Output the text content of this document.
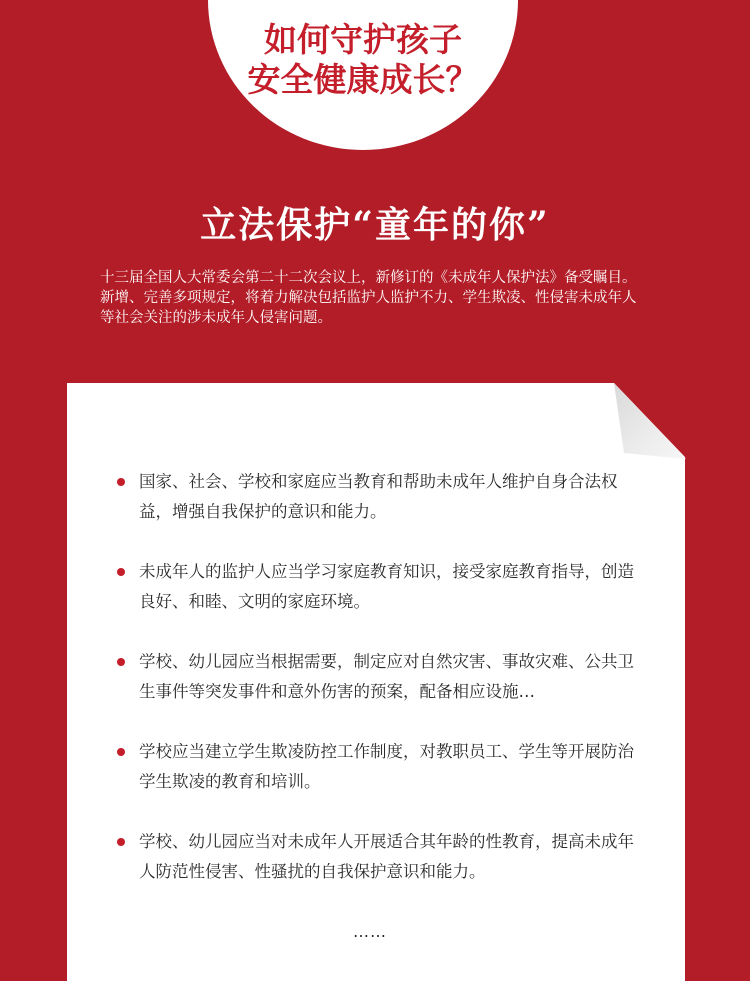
如何守护孩子
安全健康成长？
立法保护“童年的你”
十三届全国人大常委会第二十二次会议上，新修订的《未成年人保护法》备受瞩目。新增、完善多项规定，将着力解决包括监护人监护不力、学生欺凌、性侵害未成年人等社会关注的涉未成年人侵害问题。
国家、社会、学校和家庭应当教育和帮助未成年人维护自身合法权益，增强自我保护的意识和能力。
未成年人的监护人应当学习家庭教育知识，接受家庭教育指导，创造良好、和睦、文明的家庭环境。
学校、幼儿园应当根据需要，制定应对自然灾害、事故灾难、公共卫生事件等突发事件和意外伤害的预案，配备相应设施…
学校应当建立学生欺凌防控工作制度，对教职员工、学生等开展防治学生欺凌的教育和培训。
学校、幼儿园应当对未成年人开展适合其年龄的性教育，提高未成年人防范性侵害、性骚扰的自我保护意识和能力。
……
